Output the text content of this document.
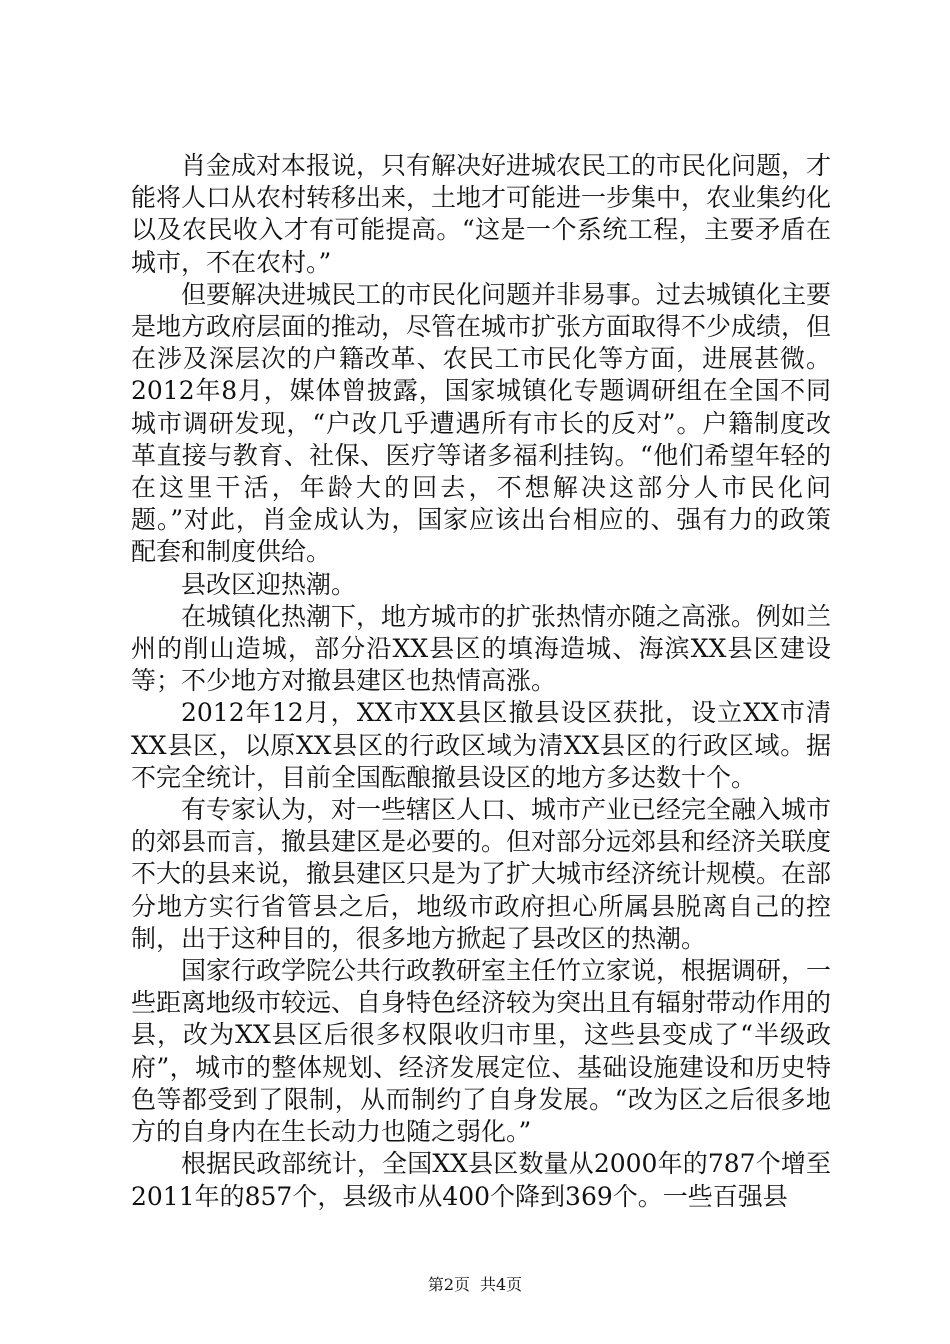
肖金成对本报说，只有解决好进城农民工的市民化问题，才能将人口从农村转移出来，土地才可能进一步集中，农业集约化以及农民收入才有可能提高。“这是一个系统工程，主要矛盾在城市，不在农村。”

但要解决进城民工的市民化问题并非易事。过去城镇化主要是地方政府层面的推动，尽管在城市扩张方面取得不少成绩，但在涉及深层次的户籍改革、农民工市民化等方面，进展甚微。2012年8月，媒体曾披露，国家城镇化专题调研组在全国不同城市调研发现，“户改几乎遭遇所有市长的反对”。户籍制度改革直接与教育、社保、医疗等诸多福利挂钩。“他们希望年轻的在这里干活，年龄大的回去，不想解决这部分人市民化问题。”对此，肖金成认为，国家应该出台相应的、强有力的政策配套和制度供给。

县改区迎热潮。

在城镇化热潮下，地方城市的扩张热情亦随之高涨。例如兰州的削山造城，部分沿XX县区的填海造城、海滨XX县区建设等；不少地方对撤县建区也热情高涨。

2012年12月，XX市XX县区撤县设区获批，设立XX市清XX县区，以原XX县区的行政区域为清XX县区的行政区域。据不完全统计，目前全国酝酿撤县设区的地方多达数十个。

有专家认为，对一些辖区人口、城市产业已经完全融入城市的郊县而言，撤县建区是必要的。但对部分远郊县和经济关联度不大的县来说，撤县建区只是为了扩大城市经济统计规模。在部分地方实行省管县之后，地级市政府担心所属县脱离自己的控制，出于这种目的，很多地方掀起了县改区的热潮。

国家行政学院公共行政教研室主任竹立家说，根据调研，一些距离地级市较远、自身特色经济较为突出且有辐射带动作用的县，改为XX县区后很多权限收归市里，这些县变成了“半级政府”，城市的整体规划、经济发展定位、基础设施建设和历史特色等都受到了限制，从而制约了自身发展。“改为区之后很多地方的自身内在生长动力也随之弱化。”

根据民政部统计，全国XX县区数量从2000年的787个增至2011年的857个，县级市从400个降到369个。一些百强县

第2页 共4页
